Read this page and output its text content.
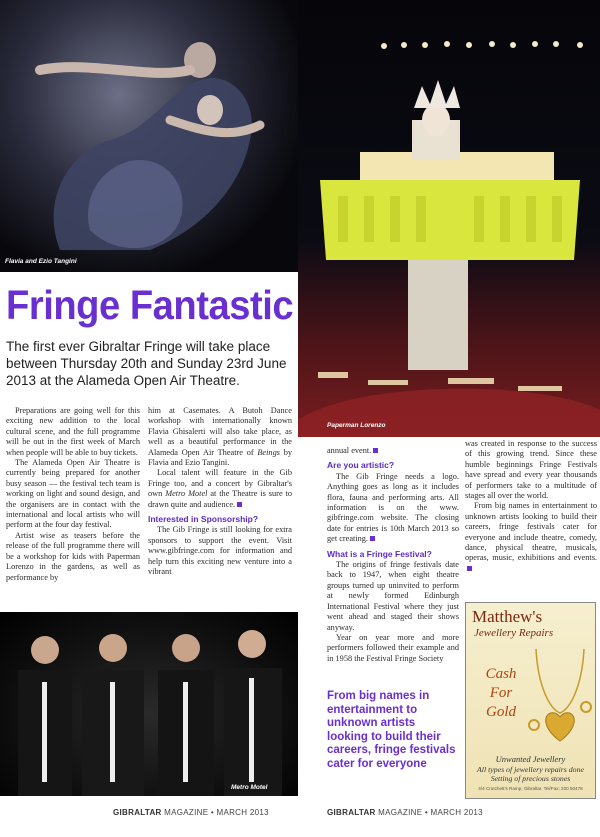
Flavia and Ezio Tangini
Paperman Lorenzo
Metro Motel
Fringe Fantastic
The first ever Gibraltar Fringe will take place between Thursday 20th and Sunday 23rd June 2013 at the Alameda Open Air Theatre.

Preparations are going well for this exciting new addition to the local cultural scene, and the full programme will be out in the first week of March when people will be able to buy tickets.

The Alameda Open Air Theatre is currently being prepared for another busy season — the festival tech team is working on light and sound design, and the organisers are in contact with the international and local artists who will perform at the four day festival.

Artist wise as teasers before the release of the full programme there will be a workshop for kids with Paperman Lorenzo in the gardens, as well as performance by

him at Casemates. A Butoh Dance workshop with internationally known Flavia Ghisalerti will also take place, as well as a beautiful performance in the Alameda Open Air Theatre of Beings by Flavia and Ezio Tangini.

Local talent will feature in the Gib Fringe too, and a concert by Gibraltar's own Metro Motel at the Theatre is sure to drawn quite and audience.

Interested in Sponsorship?

The Gib Fringe is still looking for extra sponsors to support the event. Visit www.gibfringe.com for information and help turn this exciting new venture into a vibrant

annual event.

Are you artistic?

The Gib Fringe needs a logo. Anything goes as long as it includes flora, fauna and performing arts. All information is on the www. gibfringe.com website. The closing date for entries is 10th March 2013 so get creating.

What is a Fringe Festival?

The origins of fringe festivals date back to 1947, when eight theatre groups turned up uninvited to perform at newly formed Edinburgh International Festival where they just went ahead and staged their shows anyway.

Year on year more and more performers followed their example and in 1958 the Festival Fringe Society

was created in response to the success of this growing trend. Since these humble beginnings Fringe Festivals have spread and every year thousands of performers take to a multitude of stages all over the world.

From big names in entertainment to unknown artists looking to build their careers, fringe festivals cater for everyone and include theatre, comedy, dance, physical theatre, musicals, operas, music, exhibitions and events.

From big names in entertainment to unknown artists looking to build their careers, fringe festivals cater for everyone
Matthew's
Jewellery Repairs
Cash For Gold
Unwanted Jewellery
All types of jewellery repairs done Setting of precious stones
4/4 Crutchett's Ramp, Gibraltar. Tel/Fax: 200 50478
GIBRALTAR MAGAZINE • MARCH 2013	GIBRALTAR MAGAZINE • MARCH 2013
